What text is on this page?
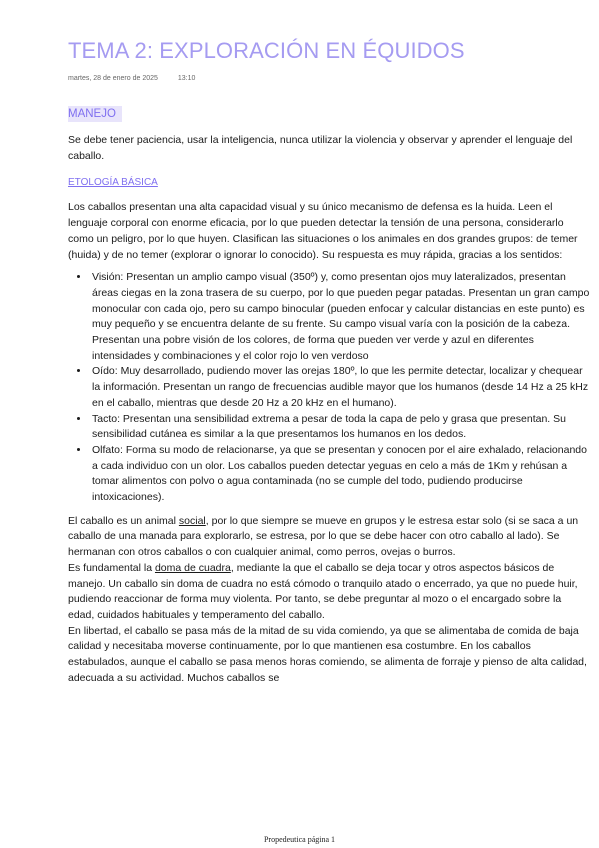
TEMA 2: EXPLORACIÓN EN ÉQUIDOS
martes, 28 de enero de 2025	13:10
MANEJO

Se debe tener paciencia, usar la inteligencia, nunca utilizar la violencia y observar y aprender el lenguaje del caballo.

ETOLOGÍA BÁSICA

Los caballos presentan una alta capacidad visual y su único mecanismo de defensa es la huida. Leen el lenguaje corporal con enorme eficacia, por lo que pueden detectar la tensión de una persona, considerarlo como un peligro, por lo que huyen. Clasifican las situaciones o los animales en dos grandes grupos: de temer (huida) y de no temer (explorar o ignorar lo conocido). Su respuesta es muy rápida, gracias a los sentidos:

• Visión: Presentan un amplio campo visual (350º) y, como presentan ojos muy lateralizados, presentan áreas ciegas en la zona trasera de su cuerpo, por lo que pueden pegar patadas. Presentan un gran campo monocular con cada ojo, pero su campo binocular (pueden enfocar y calcular distancias en este punto) es muy pequeño y se encuentra delante de su frente. Su campo visual varía con la posición de la cabeza. Presentan una pobre visión de los colores, de forma que pueden ver verde y azul en diferentes intensidades y combinaciones y el color rojo lo ven verdoso
• Oído: Muy desarrollado, pudiendo mover las orejas 180º, lo que les permite detectar, localizar y chequear la información. Presentan un rango de frecuencias audible mayor que los humanos (desde 14 Hz a 25 kHz en el caballo, mientras que desde 20 Hz a 20 kHz en el humano).
• Tacto: Presentan una sensibilidad extrema a pesar de toda la capa de pelo y grasa que presentan. Su sensibilidad cutánea es similar a la que presentamos los humanos en los dedos.
• Olfato: Forma su modo de relacionarse, ya que se presentan y conocen por el aire exhalado, relacionando a cada individuo con un olor. Los caballos pueden detectar yeguas en celo a más de 1Km y rehúsan a tomar alimentos con polvo o agua contaminada (no se cumple del todo, pudiendo producirse intoxicaciones).

El caballo es un animal social, por lo que siempre se mueve en grupos y le estresa estar solo (si se saca a un caballo de una manada para explorarlo, se estresa, por lo que se debe hacer con otro caballo al lado). Se hermanan con otros caballos o con cualquier animal, como perros, ovejas o burros.

Es fundamental la doma de cuadra, mediante la que el caballo se deja tocar y otros aspectos básicos de manejo. Un caballo sin doma de cuadra no está cómodo o tranquilo atado o encerrado, ya que no puede huir, pudiendo reaccionar de forma muy violenta. Por tanto, se debe preguntar al mozo o el encargado sobre la edad, cuidados habituales y temperamento del caballo.

En libertad, el caballo se pasa más de la mitad de su vida comiendo, ya que se alimentaba de comida de baja calidad y necesitaba moverse continuamente, por lo que mantienen esa costumbre. En los caballos estabulados, aunque el caballo se pasa menos horas comiendo, se alimenta de forraje y pienso de alta calidad, adecuada a su actividad. Muchos caballos se

Propedeutica página 1
